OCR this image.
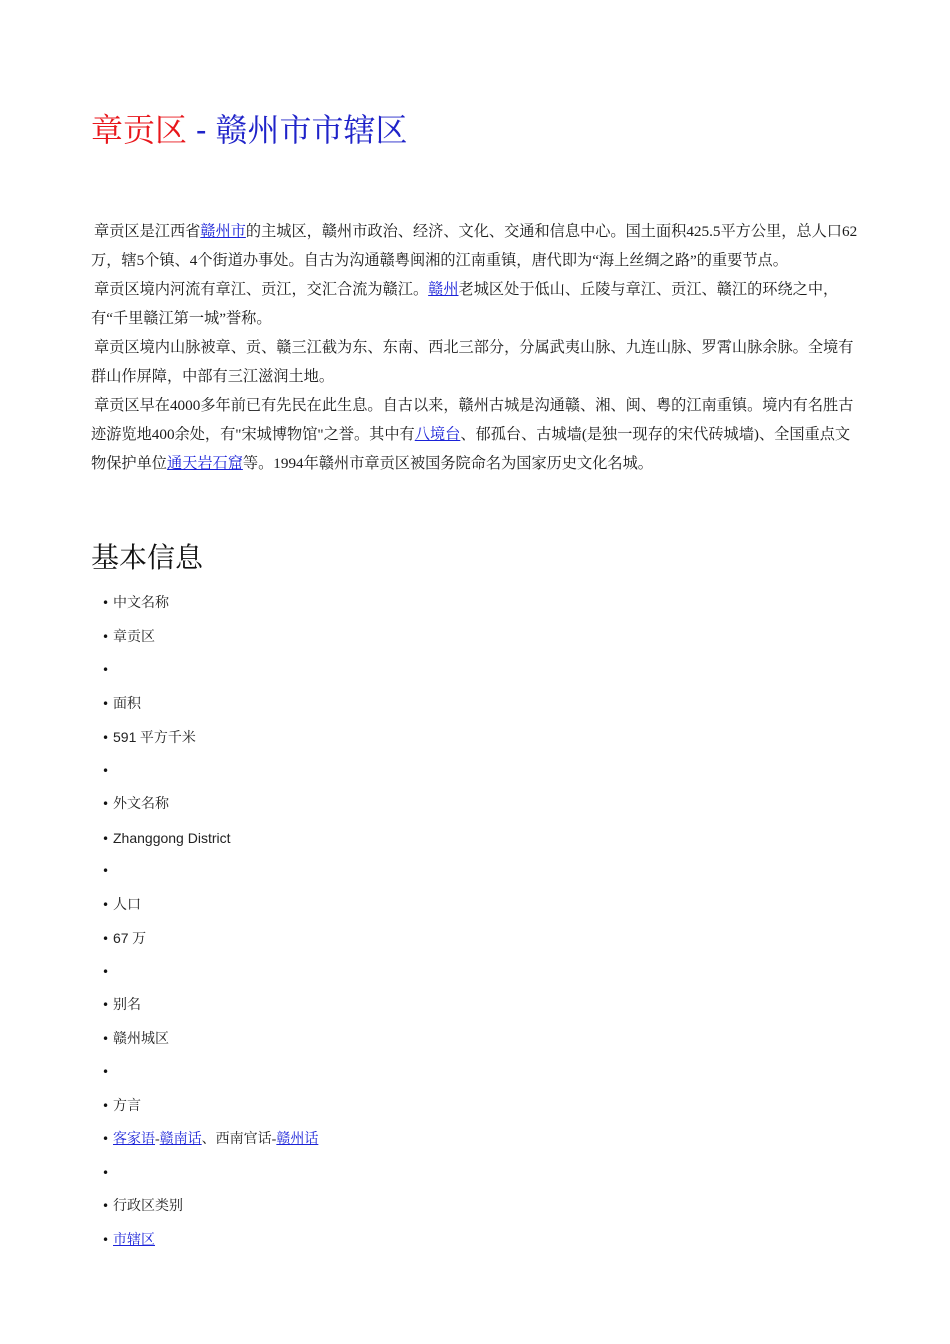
章贡区 - 赣州市市辖区

章贡区是江西省赣州市的主城区，赣州市政治、经济、文化、交通和信息中心。国土面积425.5平方公里，总人口62万，辖5个镇、4个街道办事处。自古为沟通赣粤闽湘的江南重镇，唐代即为“海上丝绸之路”的重要节点。

章贡区境内河流有章江、贡江，交汇合流为赣江。赣州老城区处于低山、丘陵与章江、贡江、赣江的环绕之中，有“千里赣江第一城”誉称。

章贡区境内山脉被章、贡、赣三江截为东、东南、西北三部分，分属武夷山脉、九连山脉、罗霄山脉余脉。全境有群山作屏障，中部有三江滋润土地。

章贡区早在4000多年前已有先民在此生息。自古以来，赣州古城是沟通赣、湘、闽、粤的江南重镇。境内有名胜古迹游览地400余处，有"宋城博物馆"之誉。其中有八境台、郁孤台、古城墙(是独一现存的宋代砖城墙)、全国重点文物保护单位通天岩石窟等。1994年赣州市章贡区被国务院命名为国家历史文化名城。

基本信息
• 中文名称
• 章贡区
•
• 面积
• 591 平方千米
•
• 外文名称
• Zhanggong District
•
• 人口
• 67 万
•
• 别名
• 赣州城区
•
• 方言
• 客家语-赣南话、西南官话-赣州话
•
• 行政区类别
• 市辖区
